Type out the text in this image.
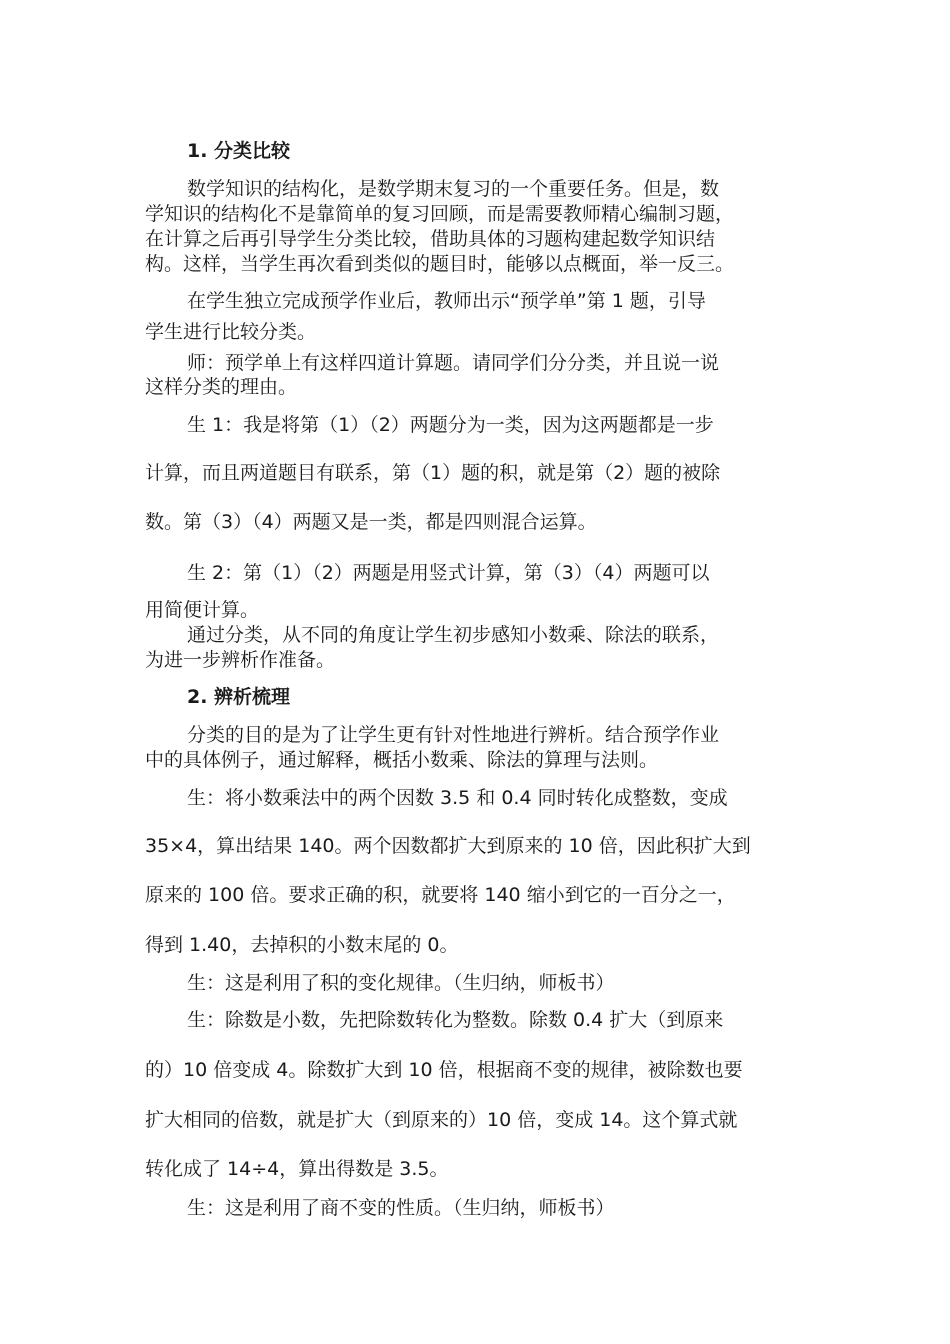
1. 分类比较
数学知识的结构化，是数学期末复习的一个重要任务。但是，数
学知识的结构化不是靠简单的复习回顾，而是需要教师精心编制习题，
在计算之后再引导学生分类比较，借助具体的习题构建起数学知识结
构。这样，当学生再次看到类似的题目时，能够以点概面，举一反三。
在学生独立完成预学作业后，教师出示“预学单”第 1 题，引导
学生进行比较分类。
师：预学单上有这样四道计算题。请同学们分分类，并且说一说
这样分类的理由。
生 1：我是将第（1）（2）两题分为一类，因为这两题都是一步
计算，而且两道题目有联系，第（1）题的积，就是第（2）题的被除
数。第（3）（4）两题又是一类，都是四则混合运算。
生 2：第（1）（2）两题是用竖式计算，第（3）（4）两题可以
用简便计算。
通过分类，从不同的角度让学生初步感知小数乘、除法的联系，
为进一步辨析作准备。
2. 辨析梳理
分类的目的是为了让学生更有针对性地进行辨析。结合预学作业
中的具体例子，通过解释，概括小数乘、除法的算理与法则。
生：将小数乘法中的两个因数 3.5 和 0.4 同时转化成整数，变成
35×4，算出结果 140。两个因数都扩大到原来的 10 倍，因此积扩大到
原来的 100 倍。要求正确的积，就要将 140 缩小到它的一百分之一，
得到 1.40，去掉积的小数末尾的 0。
生：这是利用了积的变化规律。（生归纳，师板书）
生：除数是小数，先把除数转化为整数。除数 0.4 扩大（到原来
的）10 倍变成 4。除数扩大到 10 倍，根据商不变的规律，被除数也要
扩大相同的倍数，就是扩大（到原来的）10 倍，变成 14。这个算式就
转化成了 14÷4，算出得数是 3.5。
生：这是利用了商不变的性质。（生归纳，师板书）
